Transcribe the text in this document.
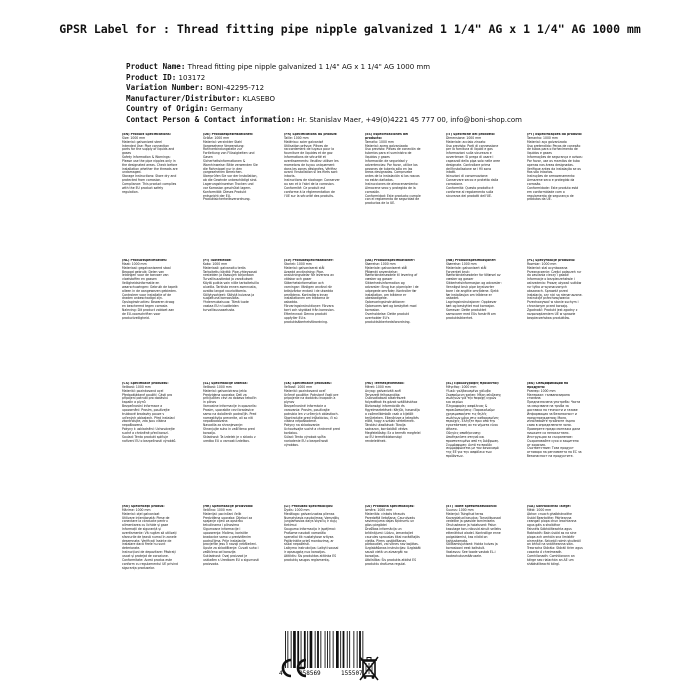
GPSR Label for : Thread fitting pipe nipple galvanized 1 1/4" AG x 1 1/4" AG 1000 mm
Product Name: Thread fitting pipe nipple galvanized 1 1/4" AG x 1 1/4" AG 1000 mm
Product ID: 103172
Variation Number: BONI-42295-712
Manufacturer/Distributor: KLASEBO
Country of Origin: Germany
Contact Person & Contact information: Hr. Stanislav Maer, +49(0)4221 45 777 00, info@boni-shop.com

(EN) Product Specifications:

Size: 1000 mm

Material: galvanized steel

Intended Use: Pipe connection parts for the supply of liquids and gases

Safety Information & Warnings: Please use the pipe nipples only in the designated areas. Check before installation whether the threads are undamaged.

Storage Instructions: Store dry and protected from corrosion.

Compliance: This product complies with the EU product safety regulation.

(DE) Produktspezifikationen:

Größe: 1000 mm

Material: verzinkter Stahl

Vorgesehene Verwendung: Rohrverbindungsteile zur Fortleitung von Flüssigkeiten und Gasen

Sicherheitsinformationen & Warnhinweise: Bitte verwenden Sie die Rohrnippel nur in den vorgesehenen Bereichen. Überprüfen Sie vor der Installation, ob die Gewinde unbeschädigt sind.

Lagerungshinweise: Trocken und vor Korrosion geschützt lagern.

Konformität: Dieses Produkt entspricht der EU-Produktsicherheitsverordnung.

(FR) Spécifications du produit:

Taille: 1000 mm

Matériau: acier galvanisé

Utilisation prévue: Pièces de raccordement de tuyaux pour la fourniture de liquides et de gaz

Informations de sécurité et avertissements: Veuillez utiliser les mamelons de tuyau uniquement dans les zones désignées. Vérifiez avant l'installation si les filets sont intacts.

Instructions de stockage: Conserver au sec et à l'abri de la corrosion.

Conformité: Ce produit est conforme à la réglementation de l'UE sur la sécurité des produits.

(ES) Especificaciones del producto:

Tamaño: 1000 mm

Material: acero galvanizado

Uso previsto: Piezas de conexión de tuberías para el suministro de líquidos y gases

Información de seguridad y advertencias: Por favor, utilice los pezones de tubería sólo en las áreas designadas. Compruebe antes de la instalación si las roscas no están dañadas.

Instrucciones de almacenamiento: Almacene seco y protegido de la corrosión.

Conformidad: Este producto cumple con el reglamento de seguridad de productos de la UE.

(IT) Specifiche del prodotto:

Dimensione: 1000 mm

Materiale: acciaio zincato

Uso previsto: Parti di connessione per la fornitura di liquidi e gas

Informazioni sulla sicurezza e avvertenze: Si prega di usare i capezzoli della pipa solo nelle aree designate. Controllare prima dell'installazione se i fili sono intatti.

Istruzioni di conservazione: Conservare secco e protetto dalla corrosione.

Conformità: Questo prodotto è conforme al regolamento sulla sicurezza dei prodotti dell'UE.

(PT) Especificações do produto:

Tamanho: 1000 mm

Material: aço galvanizado

Uso pretendido: Peças de conexão de tubos para o fornecimento de líquidos e gases

Informações de segurança e avisos: Por favor, use os mamilos de tubo apenas nas áreas designadas. Verifique antes da instalação se os fios são intactos.

Instruções de armazenamento: Armazene seco e protegido da corrosão.

Conformidade: Este produto está em conformidade com o regulamento de segurança de produtos da UE.

(NL) Productspecificaties:

Maat: 1000 mm

Materiaal: gegalvaniseerd staal

Beoogd gebruik: Delen van leidingen voor de toevoer van vloeistoffen en gassen

Veiligheidsinformatie en waarschuwingen: Gebruik de tapeik alleen in de aangewezen gebieden. Controleer voor installatie of de draden onbeschadigd zijn.

Opslaginstructies: Bewaren droog en beschermd tegen corrosie.

Naleving: Dit product voldoet aan de EU-voorschriften voor productveiligheid.

(FI) Tuotetiedot:

Koko: 1000 mm

Materiaali: galvanoitu teräs

Tarkoitettu käyttö: Pipe-yhteysosat nesteiden ja kaasujen tarjontaan

Turvallisuustiedot ja varoitukset: Käytä putkia vain niille tarkoitetuilla alueilla. Tarkista ennen asennusta, ovatko langat vaurioittomia.

Säilytysohjeet: Säilytä kuivana ja suojattuna korroosiolta.

Yhdenmukaisuus: Tämä tuote vastaa EU:n tuotteiden turvallisuusasetusta.

(SV) Produktspecifikationer:

Storlek: 1000 mm

Material: galvaniserat stål

Avsedd användning: Pipe-anslutningsdelar för leverans av vätskor och gaser

Säkerhetsinformation och varningar: Vänligen använd rör bröstvårtor endast i de utsedda områdena. Kontrollera innan installationen om trådarna är oskadda.

Förvaringsinstruktioner: Förvara torrt och skyddad från korrosion.

Efterlevnad: Denna produkt uppfyller EU:s produktsäkerhetsförordning.

(DA) Produktspecifikationer:

Størrelse: 1000 mm

Materiale: galvaniseret stål

Påtænkt anvendelse: Rørforbindelsesdele til levering af væsker og gasser

Sikkerhedsinformation og advarsler: Brug kun pipenipler i de udpegede områder. Kontroller før installation, om trådene er ubeskadigede.

Opbevaringsinstruktioner: Opbevares tørt og beskyttet mod korrosion.

Overholdelse: Dette produkt overholder EU's produktsikkerhedsforordning.

(NB) Produktspesifikasjoner:

Størrelse: 1000 mm

Materiale: galvanisert stål

Forventet bruk: Rørforbindelsesdeler for tilførsel av væsker og gasser

Sikkerhetsinformasjon og advarsler: Vennligst bruk pipe brystvorter bare i de angitte områdene. Sjekk før installasjon om trådene er uskadet.

Lagringsinstruksjoner: Oppbevar tørt og beskyttet mot korrosjon.

Samsvar: Dette produktet samsvarer med EUs forskrift om produktsikkerhet.

(PL) Specyfikacje produktu:

Rozmiar: 1000 mm

Materiał: stal ocynkowana

Przeznaczenie: Części połączeń rur do zasilania cieczy i gazów

Informacje o bezpieczeństwie i ostrzeżenia: Proszę używać sutków rur tylko w wyznaczonych obszarach. Sprawdź przed instalacją, czy nici są nienaruszone.

Instrukcje przechowywania: Przechowywać w stanie suchym i chronionym przed korozją.

Zgodność: Produkt jest zgodny z rozporządzeniem UE w sprawie bezpieczeństwa produktów.

(CS) Specifikace produktu:

Velikost: 1000 mm

Materiál: pozinkovaná ocel

Předpokládané použití: Části pro připojení potrubí pro dodávku kapalin a plynů

Bezpečnostní informace a upozornění: Prosím, používejte trubkové bradavky pouze v určených oblastech. Před instalací zkontrolujte, zda jsou vlákna nepoškozená.

Pokyny k uskladnění: Uchovávejte suché a chráněné před korozí.

Soulad: Tento produkt splňuje nařízení EU o bezpečnosti výrobků.

(SL) Specifikacije izdelka:

Velikost: 1000 mm

Material: galvanizirano jeklo

Predvidena uporaba: Deli za priključitev cevi za dobavo tekočin in plinov

Varnostne informacije in opozorila: Prosim, uporabite cevi bradavice samo na določenih področjih. Pred namestitvijo preverite, ali so niti nepoškodovane.

Navodila za shranjevanje: Shranjujte suho in zaščiteno pred korozijo.

Skladnost: Ta izdelek je v skladu z uredbo EU o varnosti izdelkov.

(SK) Špecifikácie produktu:

Veľkosť: 1000 mm

Materiál: pozinkovaná oceľ

Určené použitie: Potrubné časti pre pripojenie na dodávku kvapalín a plynov

Bezpečnostné informácie a varovania: Prosím, používajte potrubia len v určených oblastiach. Skontrolujte pred inštaláciou, či sú vlákna nepoškodené.

Pokyny na skladovanie: Uchovávajte suché a chránené pred koróziou.

Súlad: Tento výrobok spĺňa nariadenie EÚ o bezpečnosti výrobkov.

(HU) Termékjellemzők:

Méret: 1000 mm

Anyag: galvanizált acél

Tervezett felhasználás: Csőcsatlakozó alkatrészek folyadékok és gázok szállításához

Biztonsági információk és figyelmeztetések: Kérjük, használja a csőmellbimbók csak a kijelölt területeken. Ellenőrizze a telepítés előtt, hogy a szálak sértetlenek.

Tárolási utasítások: Tárolja szárazon, korróziótól védve.

Megfelelőség: Ez a termék megfelel az EU termékbiztonsági rendeletének.

(EL) Προδιαγραφές προϊόντος:

Μέγεθος: 1000 mm

Υλικό: γαλβανισμένο χάλυβα

Σκοπούμενη χρήση: Μέρη σύνδεσης σωλήνων για την παροχή υγρών και αερίων

Πληροφορίες ασφάλειας & προειδοποιήσεις: Παρακαλούμε χρησιμοποιήστε τις θηλές σωλήνων μόνο στις καθορισμένες περιοχές. Ελέγξτε πριν από την εγκατάσταση αν τα νήματα είναι άθικτα.

Οδηγίες αποθήκευσης: Αποθηκεύστε στεγνό και προστατευμένο από τη διάβρωση.

Συμμόρφωση: Αυτό το προϊόν συμμορφώνεται με τον κανονισμό της ΕΕ για την ασφάλεια των προϊόντων.

(BG) Спецификации на продукта:

Размер: 1000 mm

Материал: галванизирана стомана

Предназначена употреба: Части за свързване на тръби за доставка на течности и газове

Информация за безопасност и предупреждения: Моля, използвайте тръбните зърна само в определените зони. Проверете преди монтажа дали нишките са непокътнати.

Инструкции за съхранение: Съхранявайте сухо и защитено от корозия.

Съответствие: Този продукт отговаря на регламента на ЕС за безопасност на продуктите.

(RO) Specificații produs:

Mărime: 1000 mm

Material: oțel galvanizat

Utilizare intenționată: Piese de conectare la conducte pentru alimentarea cu lichide și gaze

Informații de siguranță și avertismente: Vă rugăm să utilizați sfarcurile de țeavă numai în zonele desemnate. Verificați înainte de instalare dacă firele nu sunt deteriorate.

Instrucțiuni de depozitare: Păstrați uscat și protejat de coroziune.

Conformitate: Acest produs este conform cu regulamentul UE privind siguranța produselor.

(HR) Specifikacije proizvoda:

Veličina: 1000 mm

Materijal: pocinčani čelik

Predviđena uporaba: Dijelovi za spajanje cijevi za opskrbu tekućinama i plinovima

Sigurnosne informacije i upozorenja: Molimo, koristite bradavice samo u predviđenim područjima. Prije instalacije provjerite jesu li navoji neoštećeni.

Upute za skladištenje: Čuvati suho i zaštićeno od korozije.

Sukladnost: Ovaj proizvod je usklađen s Uredbom EU o sigurnosti proizvoda.

(LT) Produkto specifikacijos:

Dydis: 1000 mm

Medžiaga: galvanizuotas plienas

Numatytasis naudojimas: Vamzdžių jungiamosios dalys skysčių ir dujų tiekimui

Saugumo informacija ir įspėjimai: Prašome naudoti vamzdžio speneliai tik nustatytose srityse. Patikrinkite prieš montavimą, ar siūlai nepažeisti.

Laikymo instrukcijos: Laikyti sausai ir apsaugotą nuo korozijos.

Atitiktis: Šis produktas atitinka ES produktų saugos reglamentą.

(LV) Produkta specifikācijas:

Izmērs: 1000 mm

Materiāls: cinkots tērauds

Paredzētā lietošana: Cauruļvadu savienojuma daļas šķidrumu un gāzu piegādei

Drošības informācija un brīdinājumi: Lūdzu, izmantojiet caurules sprauslas tikai norādītajās vietās. Pirms uzstādīšanas pārbaudiet, vai vītnes nav bojātas.

Uzglabāšanas instrukcijas: Uzglabāt sausā vietā un aizsargāt no korozijas.

Atbilstība: Šis produkts atbilst ES produktu drošuma regulai.

(ET) Toote spetsifikatsioonid:

Suurus: 1000 mm

Materjal: Tsingitud teras

Kavandatud kasutus: Torustikuosad vedelike ja gaaside tarnimiseks

Ohutusteave ja hoiatused: Palun kasutage toru nibusid ainult selleks ettenähtud aladel. Kontrollige enne paigaldamist, kas niidid on kahjustamata.

Säilitamisjuhised: Hoida kuivas ja korrosiooni eest kaitstult.

Vastavus: See toode vastab EL-i tooteohutusmäärusele.

(GA) Sonraíochtaí Táirge:

Méid: 1000 mm

Ábhar: cruach ghalbhánaithe

Úsáid Beartaithe: Páirteanna ceangail píopa chun leachtanna agus gáis a sholáthar

Faisnéis Sábháilteachta agus Rabhaidh: Bain úsáid as na sine píopa ach amháin sna limistéir ainmnithe. Seiceáil roimh shuiteáil an bhfuil na snáitheanna slán.

Treoracha Stórála: Stóráil tirim agus cosanta ó chreimeadh.

Comhlíonadh: Comhlíonann an táirge seo rialachán an AE um shábháilteacht táirgí.

4	058569	155507
